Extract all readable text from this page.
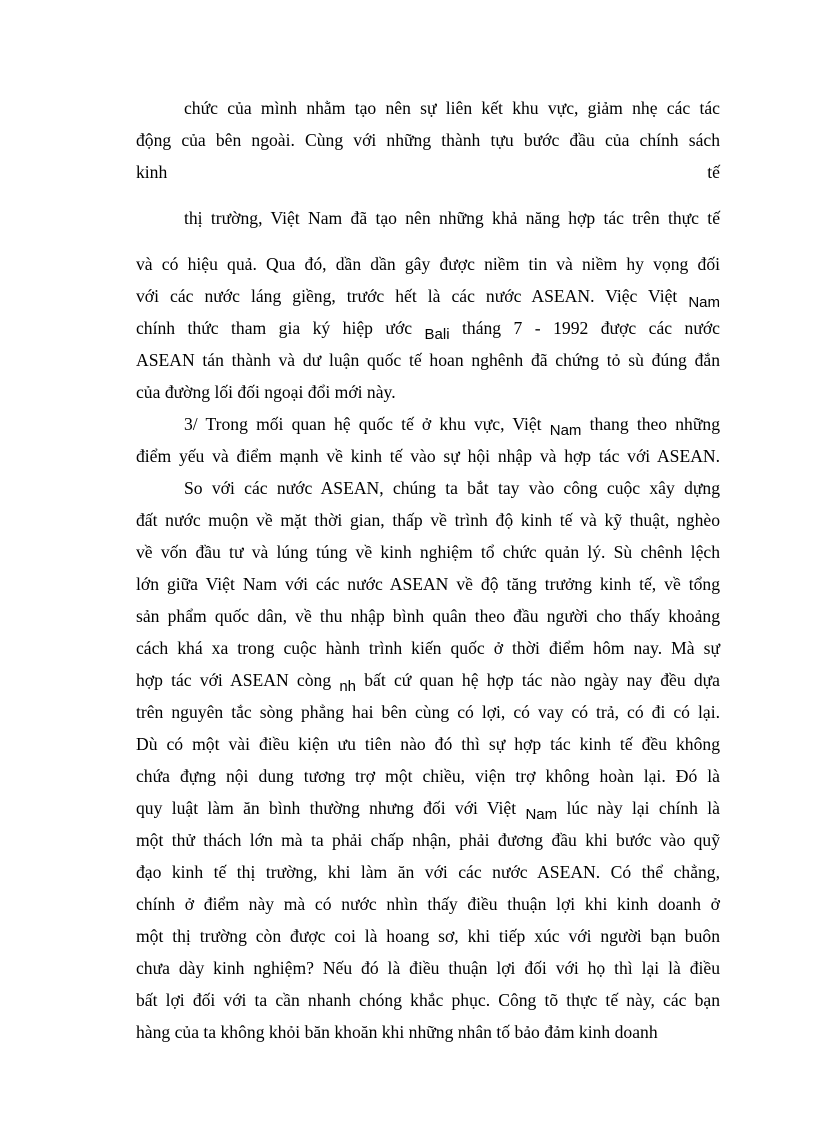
chức của mình nhằm tạo nên sự liên kết khu vực, giảm nhẹ các tác
động của bên ngoài. Cùng với những thành tựu bước đầu của chính sách
kinh	tế
thị trường, Việt Nam đã tạo nên những khả năng hợp tác trên thực tế
và có hiệu quả. Qua đó, dần dần gây được niềm tin và niềm hy vọng đối
với các nước láng giềng, trước hết là các nước ASEAN. Việc Việt Nam
chính thức tham gia ký hiệp ước Bali tháng 7 - 1992 được các nước
ASEAN tán thành và dư luận quốc tế hoan nghênh đã chứng tỏ sù đúng đắn
của đường lối đối ngoại đổi mới này.
3/ Trong mối quan hệ quốc tế ở khu vực, Việt Nam thang theo những
điểm yếu và điểm mạnh về kinh tế vào sự hội nhập và hợp tác với ASEAN.
So với các nước ASEAN, chúng ta bắt tay vào công cuộc xây dựng
đất nước muộn về mặt thời gian, thấp về trình độ kinh tế và kỹ thuật, nghèo
về vốn đầu tư và lúng túng về kinh nghiệm tổ chức quản lý. Sù chênh lệch
lớn giữa Việt Nam với các nước ASEAN về độ tăng trưởng kinh tế, về tổng
sản phẩm quốc dân, về thu nhập bình quân theo đầu người cho thấy khoảng
cách khá xa trong cuộc hành trình kiến quốc ở thời điểm hôm nay. Mà sự
hợp tác với ASEAN còng nh bất cứ quan hệ hợp tác nào ngày nay đều dựa
trên nguyên tắc sòng phẳng hai bên cùng có lợi, có vay có trả, có đi có lại.
Dù có một vài điều kiện ưu tiên nào đó thì sự hợp tác kinh tế đều không
chứa đựng nội dung tương trợ một chiều, viện trợ không hoàn lại. Đó là
quy luật làm ăn bình thường nhưng đối với Việt Nam lúc này lại chính là
một thử thách lớn mà ta phải chấp nhận, phải đương đầu khi bước vào quỹ
đạo kinh tế thị trường, khi làm ăn với các nước ASEAN. Có thể chẳng,
chính ở điểm này mà có nước nhìn thấy điều thuận lợi khi kinh doanh ở
một thị trường còn được coi là hoang sơ, khi tiếp xúc với người bạn buôn
chưa dày kinh nghiệm? Nếu đó là điều thuận lợi đối với họ thì lại là điều
bất lợi đối với ta cần nhanh chóng khắc phục. Công tõ thực tế này, các bạn
hàng của ta không khỏi băn khoăn khi những nhân tố bảo đảm kinh doanh
